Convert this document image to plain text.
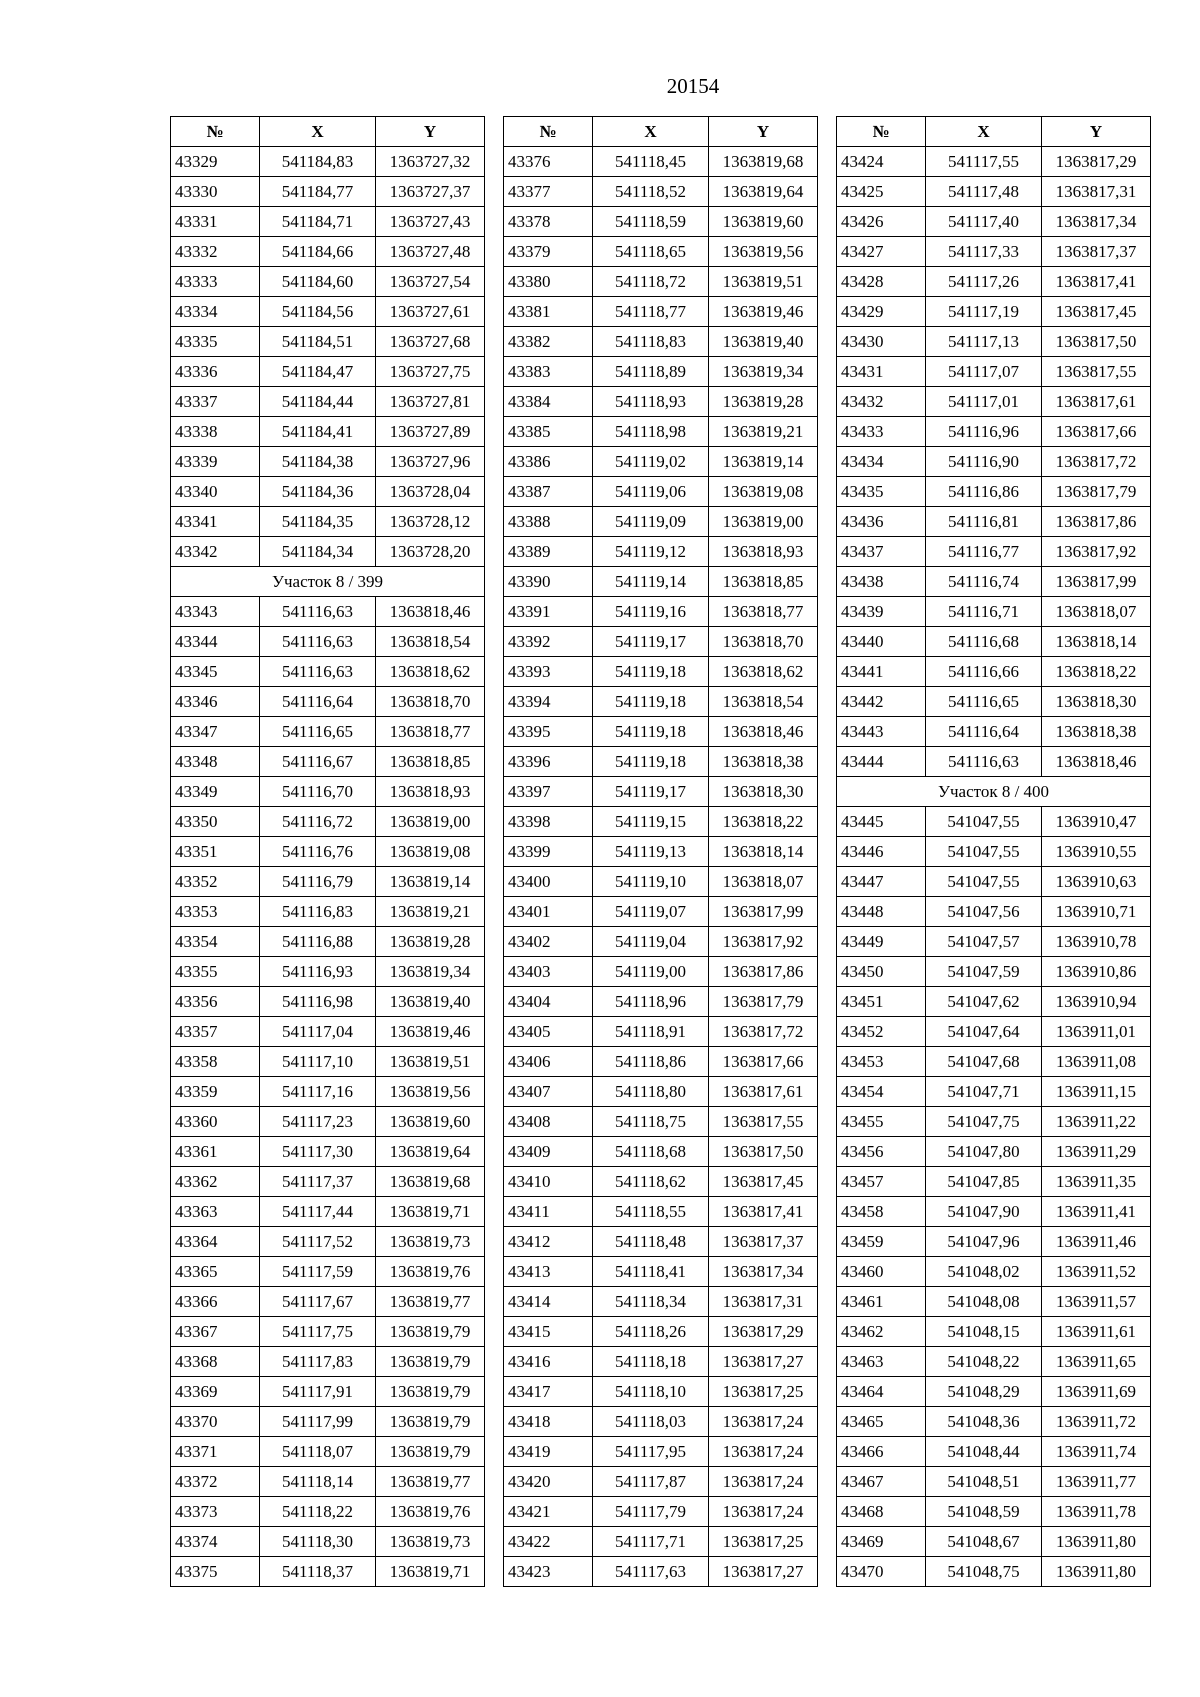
20154
№	X	Y
43329	541184,83	1363727,32
43330	541184,77	1363727,37
43331	541184,71	1363727,43
43332	541184,66	1363727,48
43333	541184,60	1363727,54
43334	541184,56	1363727,61
43335	541184,51	1363727,68
43336	541184,47	1363727,75
43337	541184,44	1363727,81
43338	541184,41	1363727,89
43339	541184,38	1363727,96
43340	541184,36	1363728,04
43341	541184,35	1363728,12
43342	541184,34	1363728,20
Участок 8 / 399		
43343	541116,63	1363818,46
43344	541116,63	1363818,54
43345	541116,63	1363818,62
43346	541116,64	1363818,70
43347	541116,65	1363818,77
43348	541116,67	1363818,85
43349	541116,70	1363818,93
43350	541116,72	1363819,00
43351	541116,76	1363819,08
43352	541116,79	1363819,14
43353	541116,83	1363819,21
43354	541116,88	1363819,28
43355	541116,93	1363819,34
43356	541116,98	1363819,40
43357	541117,04	1363819,46
43358	541117,10	1363819,51
43359	541117,16	1363819,56
43360	541117,23	1363819,60
43361	541117,30	1363819,64
43362	541117,37	1363819,68
43363	541117,44	1363819,71
43364	541117,52	1363819,73
43365	541117,59	1363819,76
43366	541117,67	1363819,77
43367	541117,75	1363819,79
43368	541117,83	1363819,79
43369	541117,91	1363819,79
43370	541117,99	1363819,79
43371	541118,07	1363819,79
43372	541118,14	1363819,77
43373	541118,22	1363819,76
43374	541118,30	1363819,73
43375	541118,37	1363819,71
№	X	Y
43376	541118,45	1363819,68
43377	541118,52	1363819,64
43378	541118,59	1363819,60
43379	541118,65	1363819,56
43380	541118,72	1363819,51
43381	541118,77	1363819,46
43382	541118,83	1363819,40
43383	541118,89	1363819,34
43384	541118,93	1363819,28
43385	541118,98	1363819,21
43386	541119,02	1363819,14
43387	541119,06	1363819,08
43388	541119,09	1363819,00
43389	541119,12	1363818,93
43390	541119,14	1363818,85
43391	541119,16	1363818,77
43392	541119,17	1363818,70
43393	541119,18	1363818,62
43394	541119,18	1363818,54
43395	541119,18	1363818,46
43396	541119,18	1363818,38
43397	541119,17	1363818,30
43398	541119,15	1363818,22
43399	541119,13	1363818,14
43400	541119,10	1363818,07
43401	541119,07	1363817,99
43402	541119,04	1363817,92
43403	541119,00	1363817,86
43404	541118,96	1363817,79
43405	541118,91	1363817,72
43406	541118,86	1363817,66
43407	541118,80	1363817,61
43408	541118,75	1363817,55
43409	541118,68	1363817,50
43410	541118,62	1363817,45
43411	541118,55	1363817,41
43412	541118,48	1363817,37
43413	541118,41	1363817,34
43414	541118,34	1363817,31
43415	541118,26	1363817,29
43416	541118,18	1363817,27
43417	541118,10	1363817,25
43418	541118,03	1363817,24
43419	541117,95	1363817,24
43420	541117,87	1363817,24
43421	541117,79	1363817,24
43422	541117,71	1363817,25
43423	541117,63	1363817,27
№	X	Y
43424	541117,55	1363817,29
43425	541117,48	1363817,31
43426	541117,40	1363817,34
43427	541117,33	1363817,37
43428	541117,26	1363817,41
43429	541117,19	1363817,45
43430	541117,13	1363817,50
43431	541117,07	1363817,55
43432	541117,01	1363817,61
43433	541116,96	1363817,66
43434	541116,90	1363817,72
43435	541116,86	1363817,79
43436	541116,81	1363817,86
43437	541116,77	1363817,92
43438	541116,74	1363817,99
43439	541116,71	1363818,07
43440	541116,68	1363818,14
43441	541116,66	1363818,22
43442	541116,65	1363818,30
43443	541116,64	1363818,38
43444	541116,63	1363818,46
Участок 8 / 400		
43445	541047,55	1363910,47
43446	541047,55	1363910,55
43447	541047,55	1363910,63
43448	541047,56	1363910,71
43449	541047,57	1363910,78
43450	541047,59	1363910,86
43451	541047,62	1363910,94
43452	541047,64	1363911,01
43453	541047,68	1363911,08
43454	541047,71	1363911,15
43455	541047,75	1363911,22
43456	541047,80	1363911,29
43457	541047,85	1363911,35
43458	541047,90	1363911,41
43459	541047,96	1363911,46
43460	541048,02	1363911,52
43461	541048,08	1363911,57
43462	541048,15	1363911,61
43463	541048,22	1363911,65
43464	541048,29	1363911,69
43465	541048,36	1363911,72
43466	541048,44	1363911,74
43467	541048,51	1363911,77
43468	541048,59	1363911,78
43469	541048,67	1363911,80
43470	541048,75	1363911,80
